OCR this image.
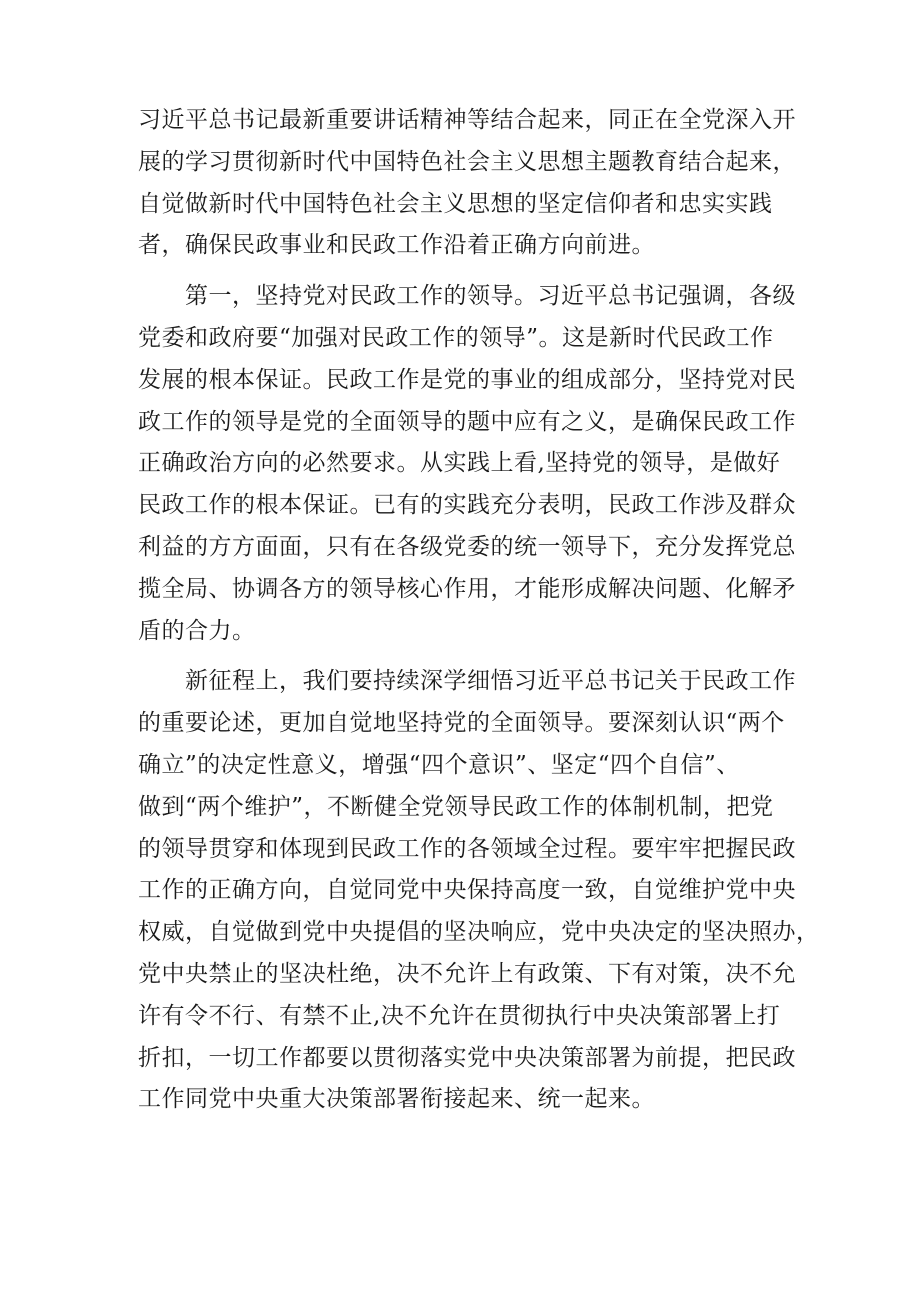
习近平总书记最新重要讲话精神等结合起来，同正在全党深入开
展的学习贯彻新时代中国特色社会主义思想主题教育结合起来，
自觉做新时代中国特色社会主义思想的坚定信仰者和忠实实践
者，确保民政事业和民政工作沿着正确方向前进。
第一，坚持党对民政工作的领导。习近平总书记强调，各级
党委和政府要“加强对民政工作的领导”。这是新时代民政工作
发展的根本保证。民政工作是党的事业的组成部分，坚持党对民
政工作的领导是党的全面领导的题中应有之义，是确保民政工作
正确政治方向的必然要求。从实践上看,坚持党的领导，是做好
民政工作的根本保证。已有的实践充分表明，民政工作涉及群众
利益的方方面面，只有在各级党委的统一领导下，充分发挥党总
揽全局、协调各方的领导核心作用，才能形成解决问题、化解矛
盾的合力。
新征程上，我们要持续深学细悟习近平总书记关于民政工作
的重要论述，更加自觉地坚持党的全面领导。要深刻认识“两个
确立”的决定性意义，增强“四个意识”、坚定“四个自信”、
做到“两个维护”，不断健全党领导民政工作的体制机制，把党
的领导贯穿和体现到民政工作的各领域全过程。要牢牢把握民政
工作的正确方向，自觉同党中央保持高度一致，自觉维护党中央
权威，自觉做到党中央提倡的坚决响应，党中央决定的坚决照办，
党中央禁止的坚决杜绝，决不允许上有政策、下有对策，决不允
许有令不行、有禁不止,决不允许在贯彻执行中央决策部署上打
折扣，一切工作都要以贯彻落实党中央决策部署为前提，把民政
工作同党中央重大决策部署衔接起来、统一起来。
